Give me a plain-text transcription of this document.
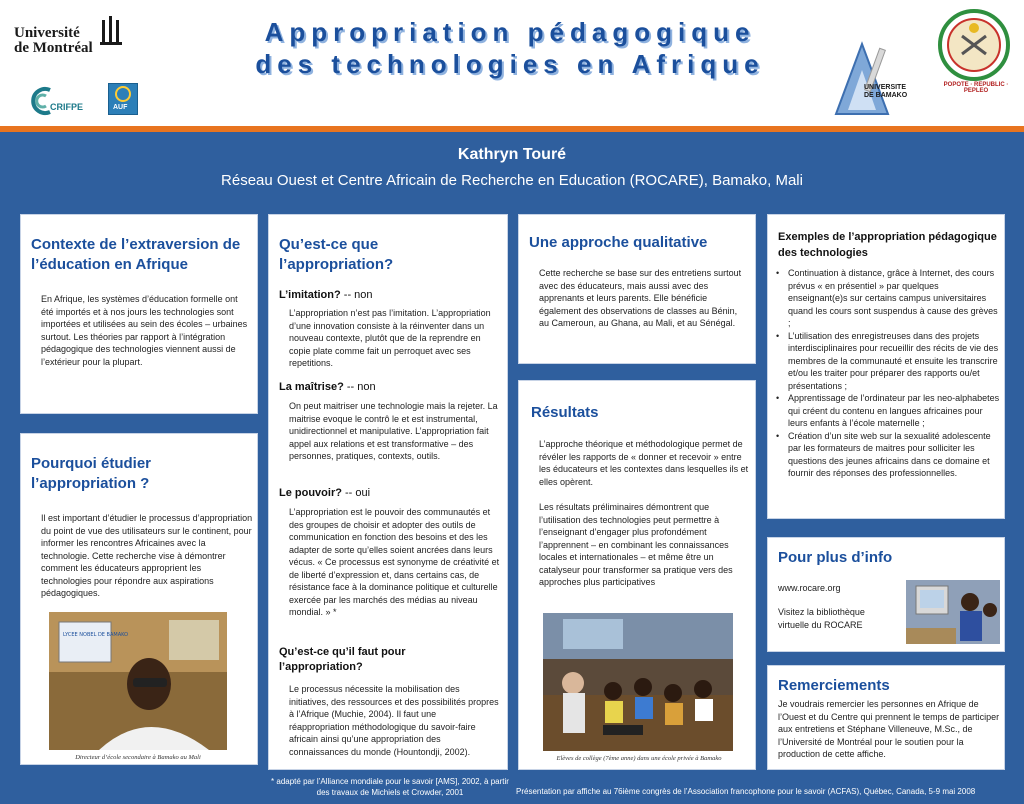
Université
de Montréal
CRIFPE	AUF
Appropriation pédagogique
des technologies en Afrique
UNIVERSITE
DE BAMAKO
POPOTE · REPUBLIC · PEPLEO
Kathryn Touré
Réseau Ouest et Centre Africain de Recherche en Education (ROCARE), Bamako, Mali
Contexte de l’extraversion de l’éducation en Afrique
En Afrique, les systèmes d’éducation formelle ont été importés et à nos jours les technologies sont importées et utilisées au sein des écoles – urbaines surtout. Les théories par rapport à l’intégration pédagogique des technologies viennent aussi de l’extérieur pour la plupart.
Pourquoi étudier l’appropriation ?
Il est important d’étudier le processus d’appropriation du point de vue des utilisateurs sur le continent, pour informer les rencontres Africaines avec la technologie. Cette recherche vise à démontrer comment les éducateurs approprient les technologies pour répondre aux aspirations pédagogiques.
LYCEE NOBEL DE BAMAKO
Directeur d’école secondaire à Bamako au Mali
Qu’est-ce que l’appropriation?
L’imitation? -- non
L’appropriation n’est pas l’imitation. L’appropriation d’une innovation consiste à la réinventer dans un nouveau contexte, plutôt que de la reprendre en copie plate comme fait un perroquet avec ses repetitions.
La maîtrise? -- non
On peut maitriser une technologie mais la rejeter. La maitrise evoque le contrô le et est instrumental, unidirectionnel et manipulative. L’appropriation fait appel aux relations et est transformative – des personnes, pratiques, contexts, outils.
Le pouvoir? -- oui
L’appropriation est le pouvoir des communautés et des groupes de choisir et adopter des outils de communication en fonction des besoins et des les adapter de sorte qu’elles soient ancrées dans leurs vécus. « Ce processus est synonyme de créativité et de liberté d’expression et, dans certains cas, de résistance face à la dominance politique et culturelle exercée par les marchés des médias au niveau mondial. » *
Qu’est-ce qu’il faut pour l’appropriation?
Le processus nécessite la mobilisation des initiatives, des ressources et des possibilités propres à l’Afrique (Muchie, 2004). Il faut une réappropriation méthodologique du savoir-faire africain ainsi qu’une appropriation des connaissances du monde (Hountondji, 2002).
Une approche qualitative
Cette recherche se base sur des entretiens surtout avec des éducateurs, mais aussi avec des apprenants et leurs parents. Elle bénéficie également des observations de classes au Bénin, au Cameroun, au Ghana, au Mali, et au Sénégal.
Résultats
L’approche théorique et méthodologique permet de révéler les rapports de « donner et recevoir » entre les éducateurs et les contextes dans lesquelles ils et elles opèrent.
Les résultats préliminaires démontrent que l’utilisation des technologies peut permettre à l’enseignant d’engager plus profondément l’apprennent – en combinant les connaissances locales et internationales – et même être un catalyseur pour transformer sa pratique vers des approches plus participatives
Elèves de collège (7ème anne) dans une école privée à Bamako
Exemples de l’appropriation pédagogique des technologies
• Continuation à distance, grâce à Internet, des cours prévus « en présentiel » par quelques enseignant(e)s sur certains campus universitaires quand les cours sont suspendus à cause des grèves ;
• L’utilisation des enregistreuses dans des projets interdisciplinaires pour recueillir des récits de vie des membres de la communauté et ensuite les transcrire et/ou les traiter pour préparer des rapports ou/et présentations ;
• Apprentissage de l’ordinateur par les neo-alphabetes qui créent du contenu en langues africaines pour leurs enfants à l’école maternelle ;
• Création d’un site web sur la sexualité adolescente par les formateurs de maitres pour solliciter les questions des jeunes africains dans ce domaine et fournir des réponses des professionnelles.
Pour plus d’info
www.rocare.org
Visitez la bibliothèque virtuelle du ROCARE
Remerciements
Je voudrais remercier les personnes en Afrique de l’Ouest et du Centre qui prennent le temps de participer aux entretiens et Stéphane Villeneuve, M.Sc., de l’Université de Montréal pour le soutien pour la production de cette affiche.
* adapté par l’Alliance mondiale pour le savoir [AMS], 2002, à partir des travaux de Michiels et Crowder, 2001	Présentation par affiche au 76ième congrès de l’Association francophone pour le savoir (ACFAS), Québec, Canada, 5-9 mai 2008
